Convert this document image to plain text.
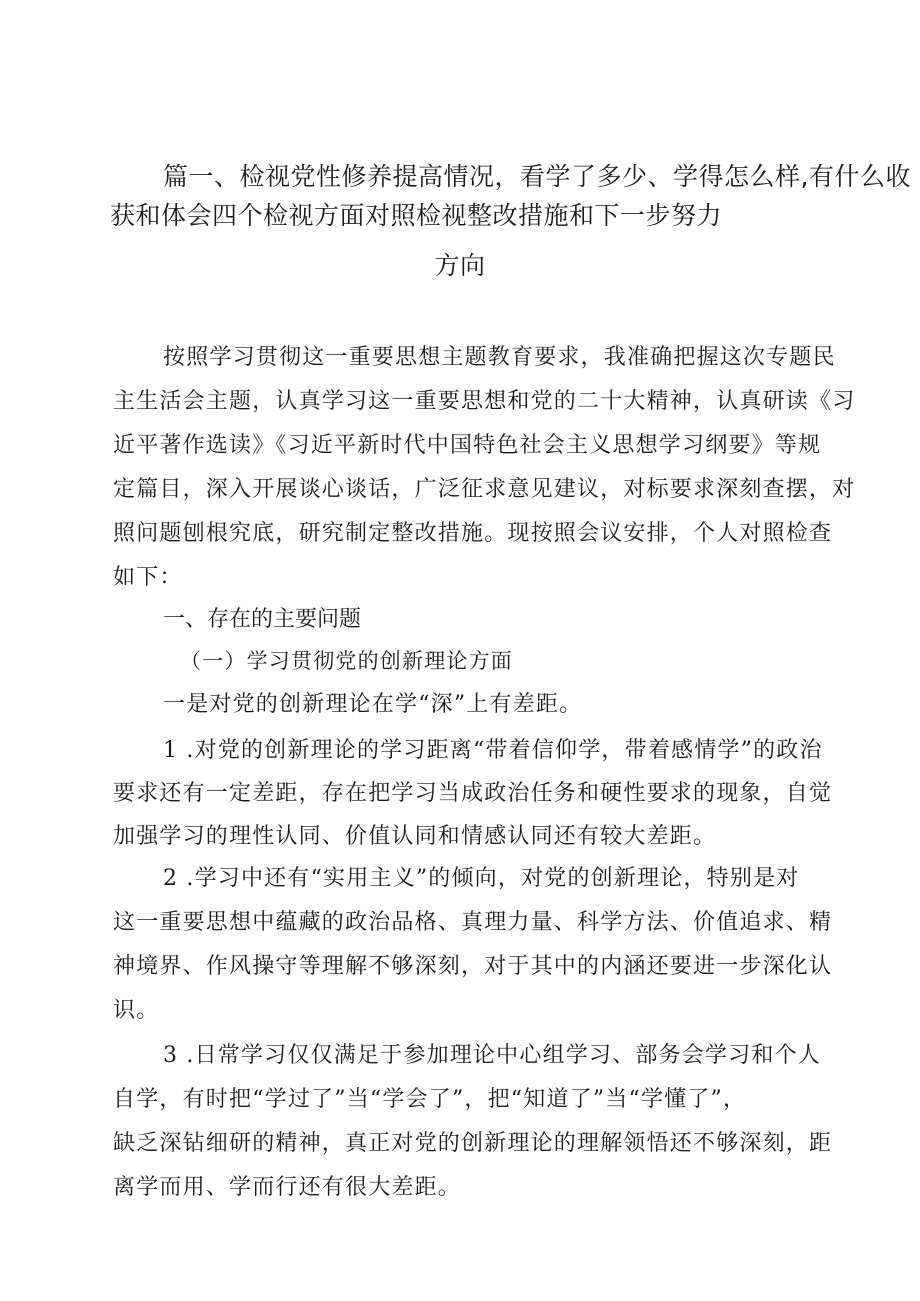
篇一、检视党性修养提高情况，看学了多少、学得怎么样,有什么收
获和体会四个检视方面对照检视整改措施和下一步努力
方向
按照学习贯彻这一重要思想主题教育要求，我准确把握这次专题民
主生活会主题，认真学习这一重要思想和党的二十大精神，认真研读《习
近平著作选读》《习近平新时代中国特色社会主义思想学习纲要》等规
定篇目，深入开展谈心谈话，广泛征求意见建议，对标要求深刻查摆，对
照问题刨根究底，研究制定整改措施。现按照会议安排，个人对照检查
如下：
一、存在的主要问题
（一）学习贯彻党的创新理论方面
一是对党的创新理论在学“深”上有差距。
1 .对党的创新理论的学习距离“带着信仰学，带着感情学”的政治
要求还有一定差距，存在把学习当成政治任务和硬性要求的现象，自觉
加强学习的理性认同、价值认同和情感认同还有较大差距。
2 .学习中还有“实用主义”的倾向，对党的创新理论，特别是对
这一重要思想中蕴藏的政治品格、真理力量、科学方法、价值追求、精
神境界、作风操守等理解不够深刻，对于其中的内涵还要进一步深化认
识。
3 .日常学习仅仅满足于参加理论中心组学习、部务会学习和个人
自学，有时把“学过了”当“学会了”，把“知道了”当“学懂了”，
缺乏深钻细研的精神，真正对党的创新理论的理解领悟还不够深刻，距
离学而用、学而行还有很大差距。
